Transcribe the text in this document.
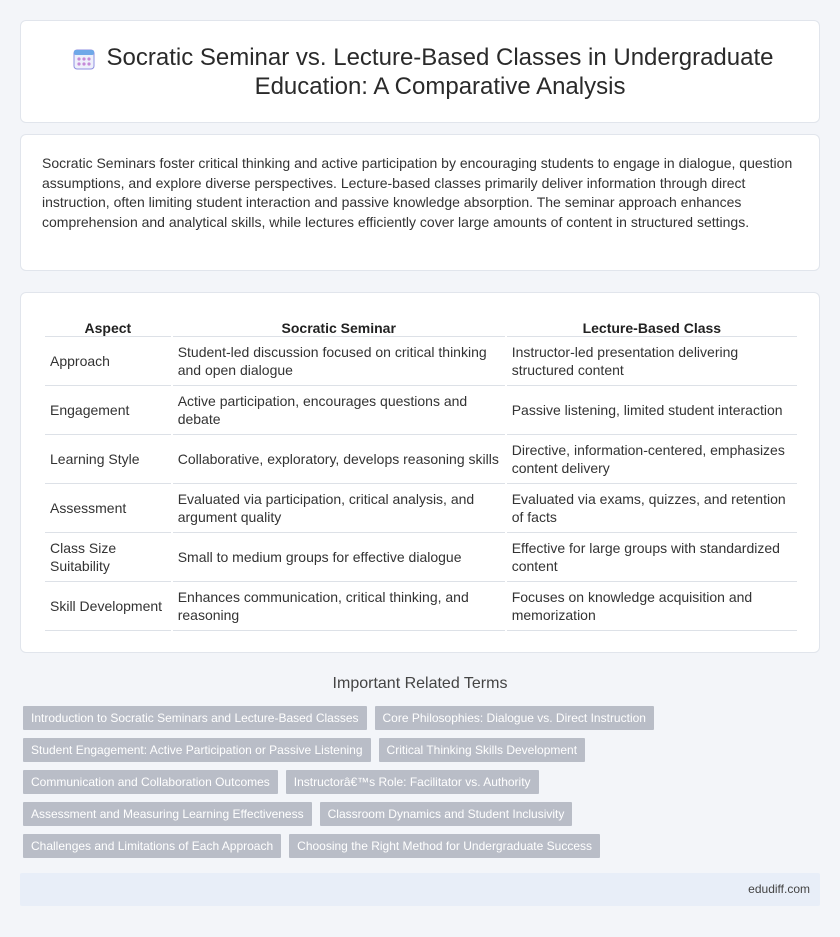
Socratic Seminar vs. Lecture-Based Classes in Undergraduate Education: A Comparative Analysis

Socratic Seminars foster critical thinking and active participation by encouraging students to engage in dialogue, question assumptions, and explore diverse perspectives. Lecture-based classes primarily deliver information through direct instruction, often limiting student interaction and passive knowledge absorption. The seminar approach enhances comprehension and analytical skills, while lectures efficiently cover large amounts of content in structured settings.

Aspect	Socratic Seminar	Lecture-Based Class
Approach	Student-led discussion focused on critical thinking and open dialogue	Instructor-led presentation delivering structured content
Engagement	Active participation, encourages questions and debate	Passive listening, limited student interaction
Learning Style	Collaborative, exploratory, develops reasoning skills	Directive, information-centered, emphasizes content delivery
Assessment	Evaluated via participation, critical analysis, and argument quality	Evaluated via exams, quizzes, and retention of facts
Class Size Suitability	Small to medium groups for effective dialogue	Effective for large groups with standardized content
Skill Development	Enhances communication, critical thinking, and reasoning	Focuses on knowledge acquisition and memorization
Important Related Terms
Introduction to Socratic Seminars and Lecture-Based Classes	Core Philosophies: Dialogue vs. Direct Instruction
Student Engagement: Active Participation or Passive Listening	Critical Thinking Skills Development
Communication and Collaboration Outcomes	Instructorâ€™s Role: Facilitator vs. Authority
Assessment and Measuring Learning Effectiveness	Classroom Dynamics and Student Inclusivity
Challenges and Limitations of Each Approach	Choosing the Right Method for Undergraduate Success
edudiff.com
